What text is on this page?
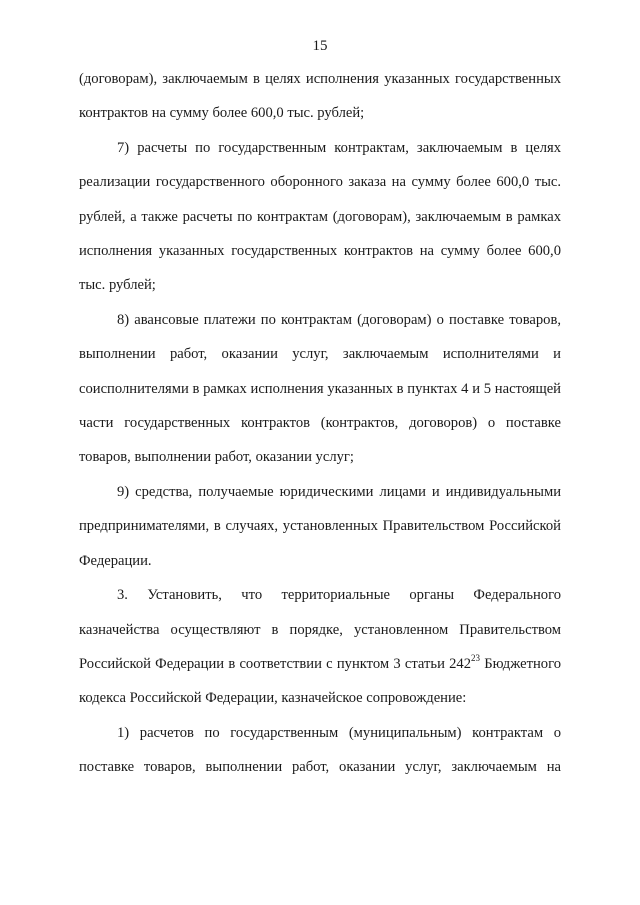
15

(договорам), заключаемым в целях исполнения указанных государственных контрактов на сумму более 600,0 тыс. рублей;

7) расчеты по государственным контрактам, заключаемым в целях реализации государственного оборонного заказа на сумму более 600,0 тыс. рублей, а также расчеты по контрактам (договорам), заключаемым в рамках исполнения указанных государственных контрактов на сумму более 600,0 тыс. рублей;

8) авансовые платежи по контрактам (договорам) о поставке товаров, выполнении работ, оказании услуг, заключаемым исполнителями и соисполнителями в рамках исполнения указанных в пунктах 4 и 5 настоящей части государственных контрактов (контрактов, договоров) о поставке товаров, выполнении работ, оказании услуг;

9) средства, получаемые юридическими лицами и индивидуальными предпринимателями, в случаях, установленных Правительством Российской Федерации.

3. Установить, что территориальные органы Федерального казначейства осуществляют в порядке, установленном Правительством Российской Федерации в соответствии с пунктом 3 статьи $242^{23}$ Бюджетного кодекса Российской Федерации, казначейское сопровождение:

1) расчетов по государственным (муниципальным) контрактам о поставке товаров, выполнении работ, оказании услуг, заключаемым на
